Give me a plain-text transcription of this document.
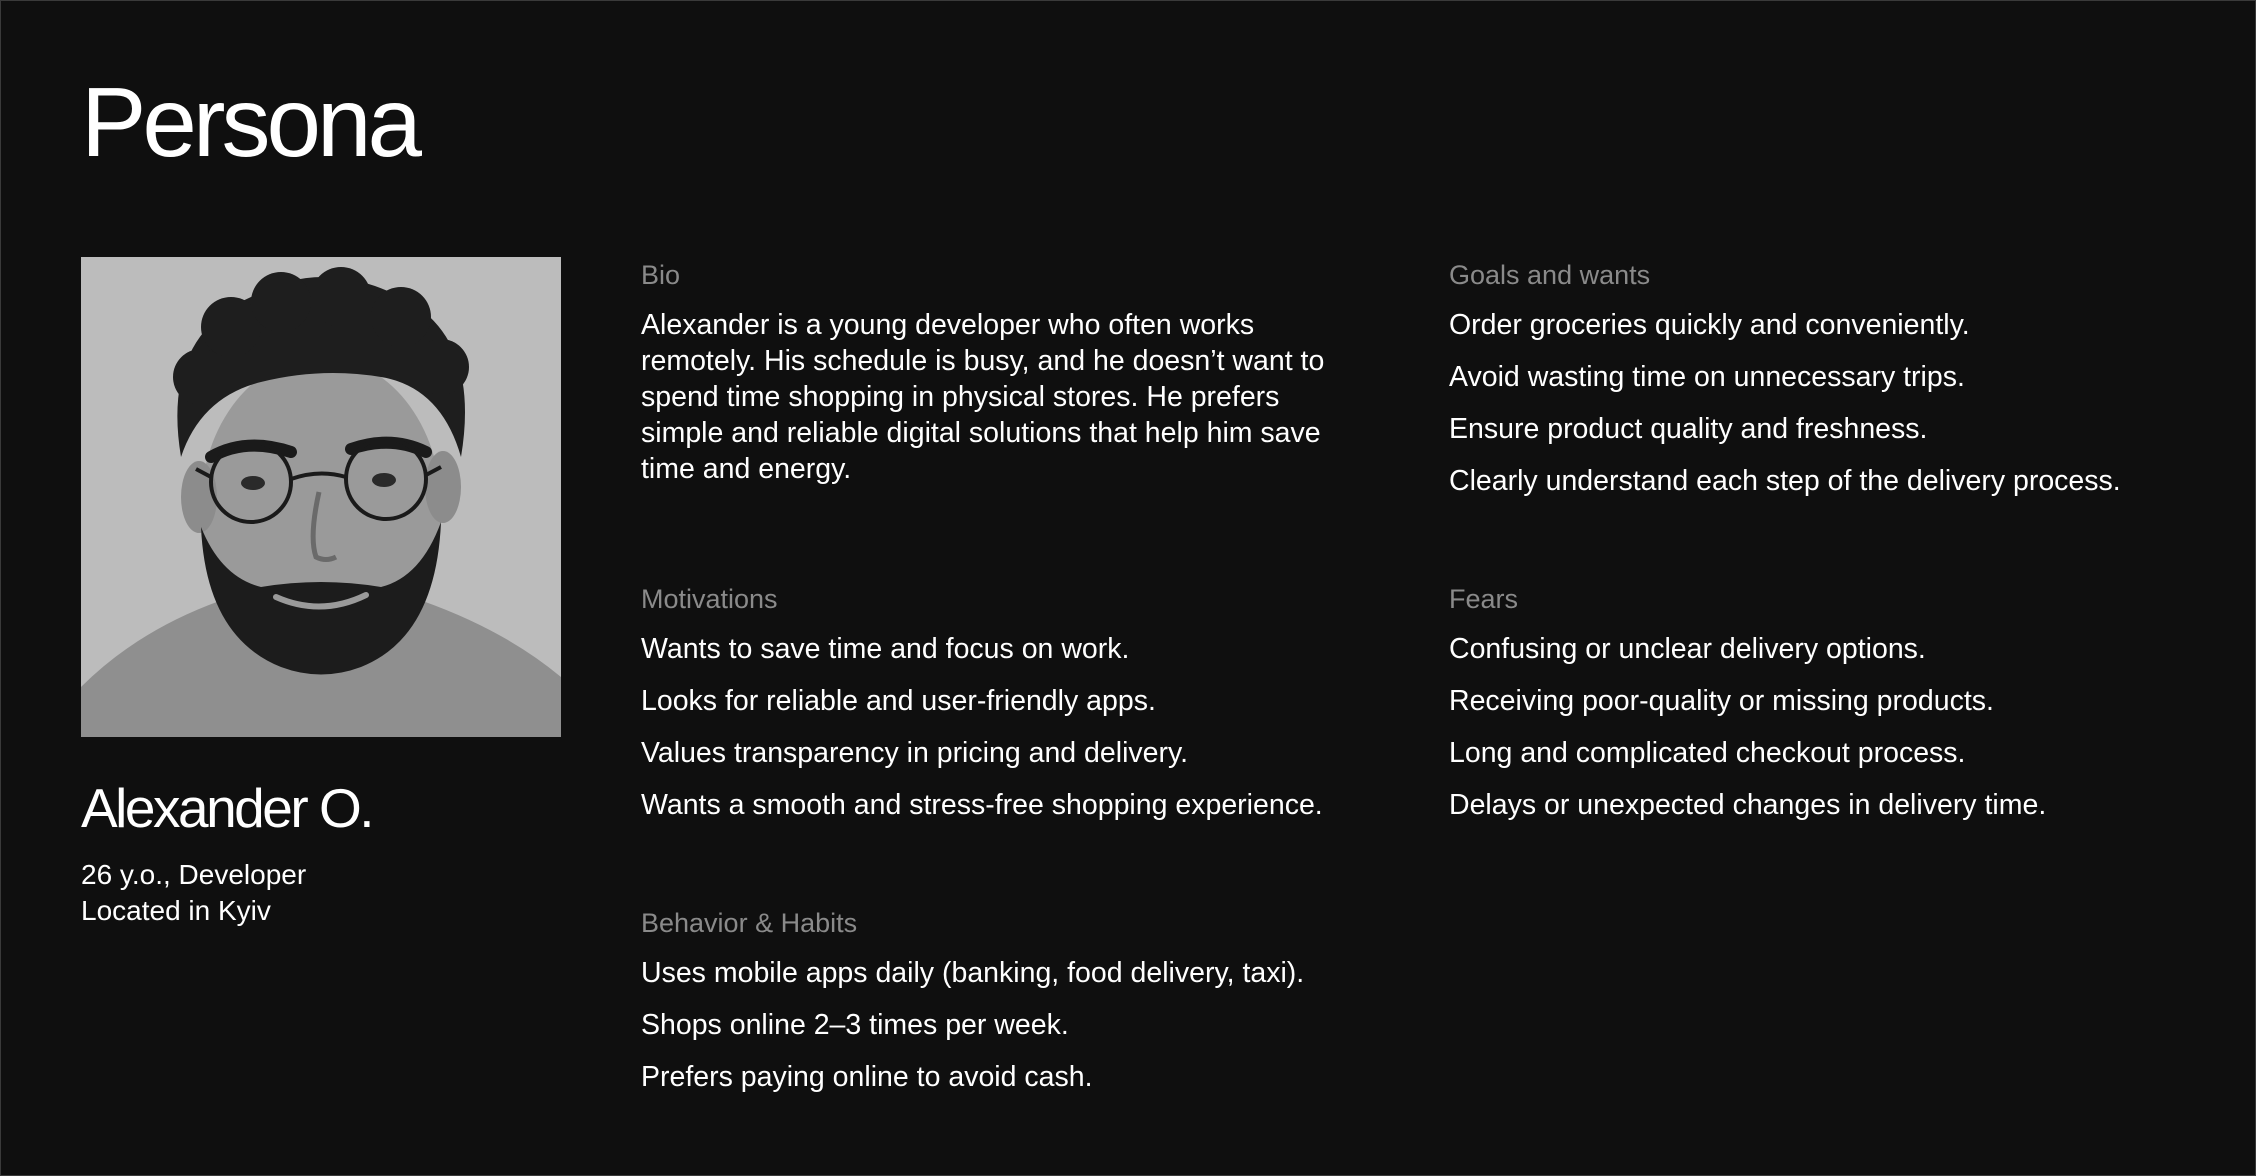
Persona
Alexander O.
26 y.o., Developer
Located in Kyiv
Bio
Alexander is a young developer who often works remotely. His schedule is busy, and he doesn’t want to spend time shopping in physical stores. He prefers simple and reliable digital solutions that help him save time and energy.
Goals and wants
Order groceries quickly and conveniently.
Avoid wasting time on unnecessary trips.
Ensure product quality and freshness.
Clearly understand each step of the delivery process.
Motivations
Wants to save time and focus on work.
Looks for reliable and user-friendly apps.
Values transparency in pricing and delivery.
Wants a smooth and stress-free shopping experience.
Fears
Confusing or unclear delivery options.
Receiving poor-quality or missing products.
Long and complicated checkout process.
Delays or unexpected changes in delivery time.
Behavior & Habits
Uses mobile apps daily (banking, food delivery, taxi).
Shops online 2–3 times per week.
Prefers paying online to avoid cash.
